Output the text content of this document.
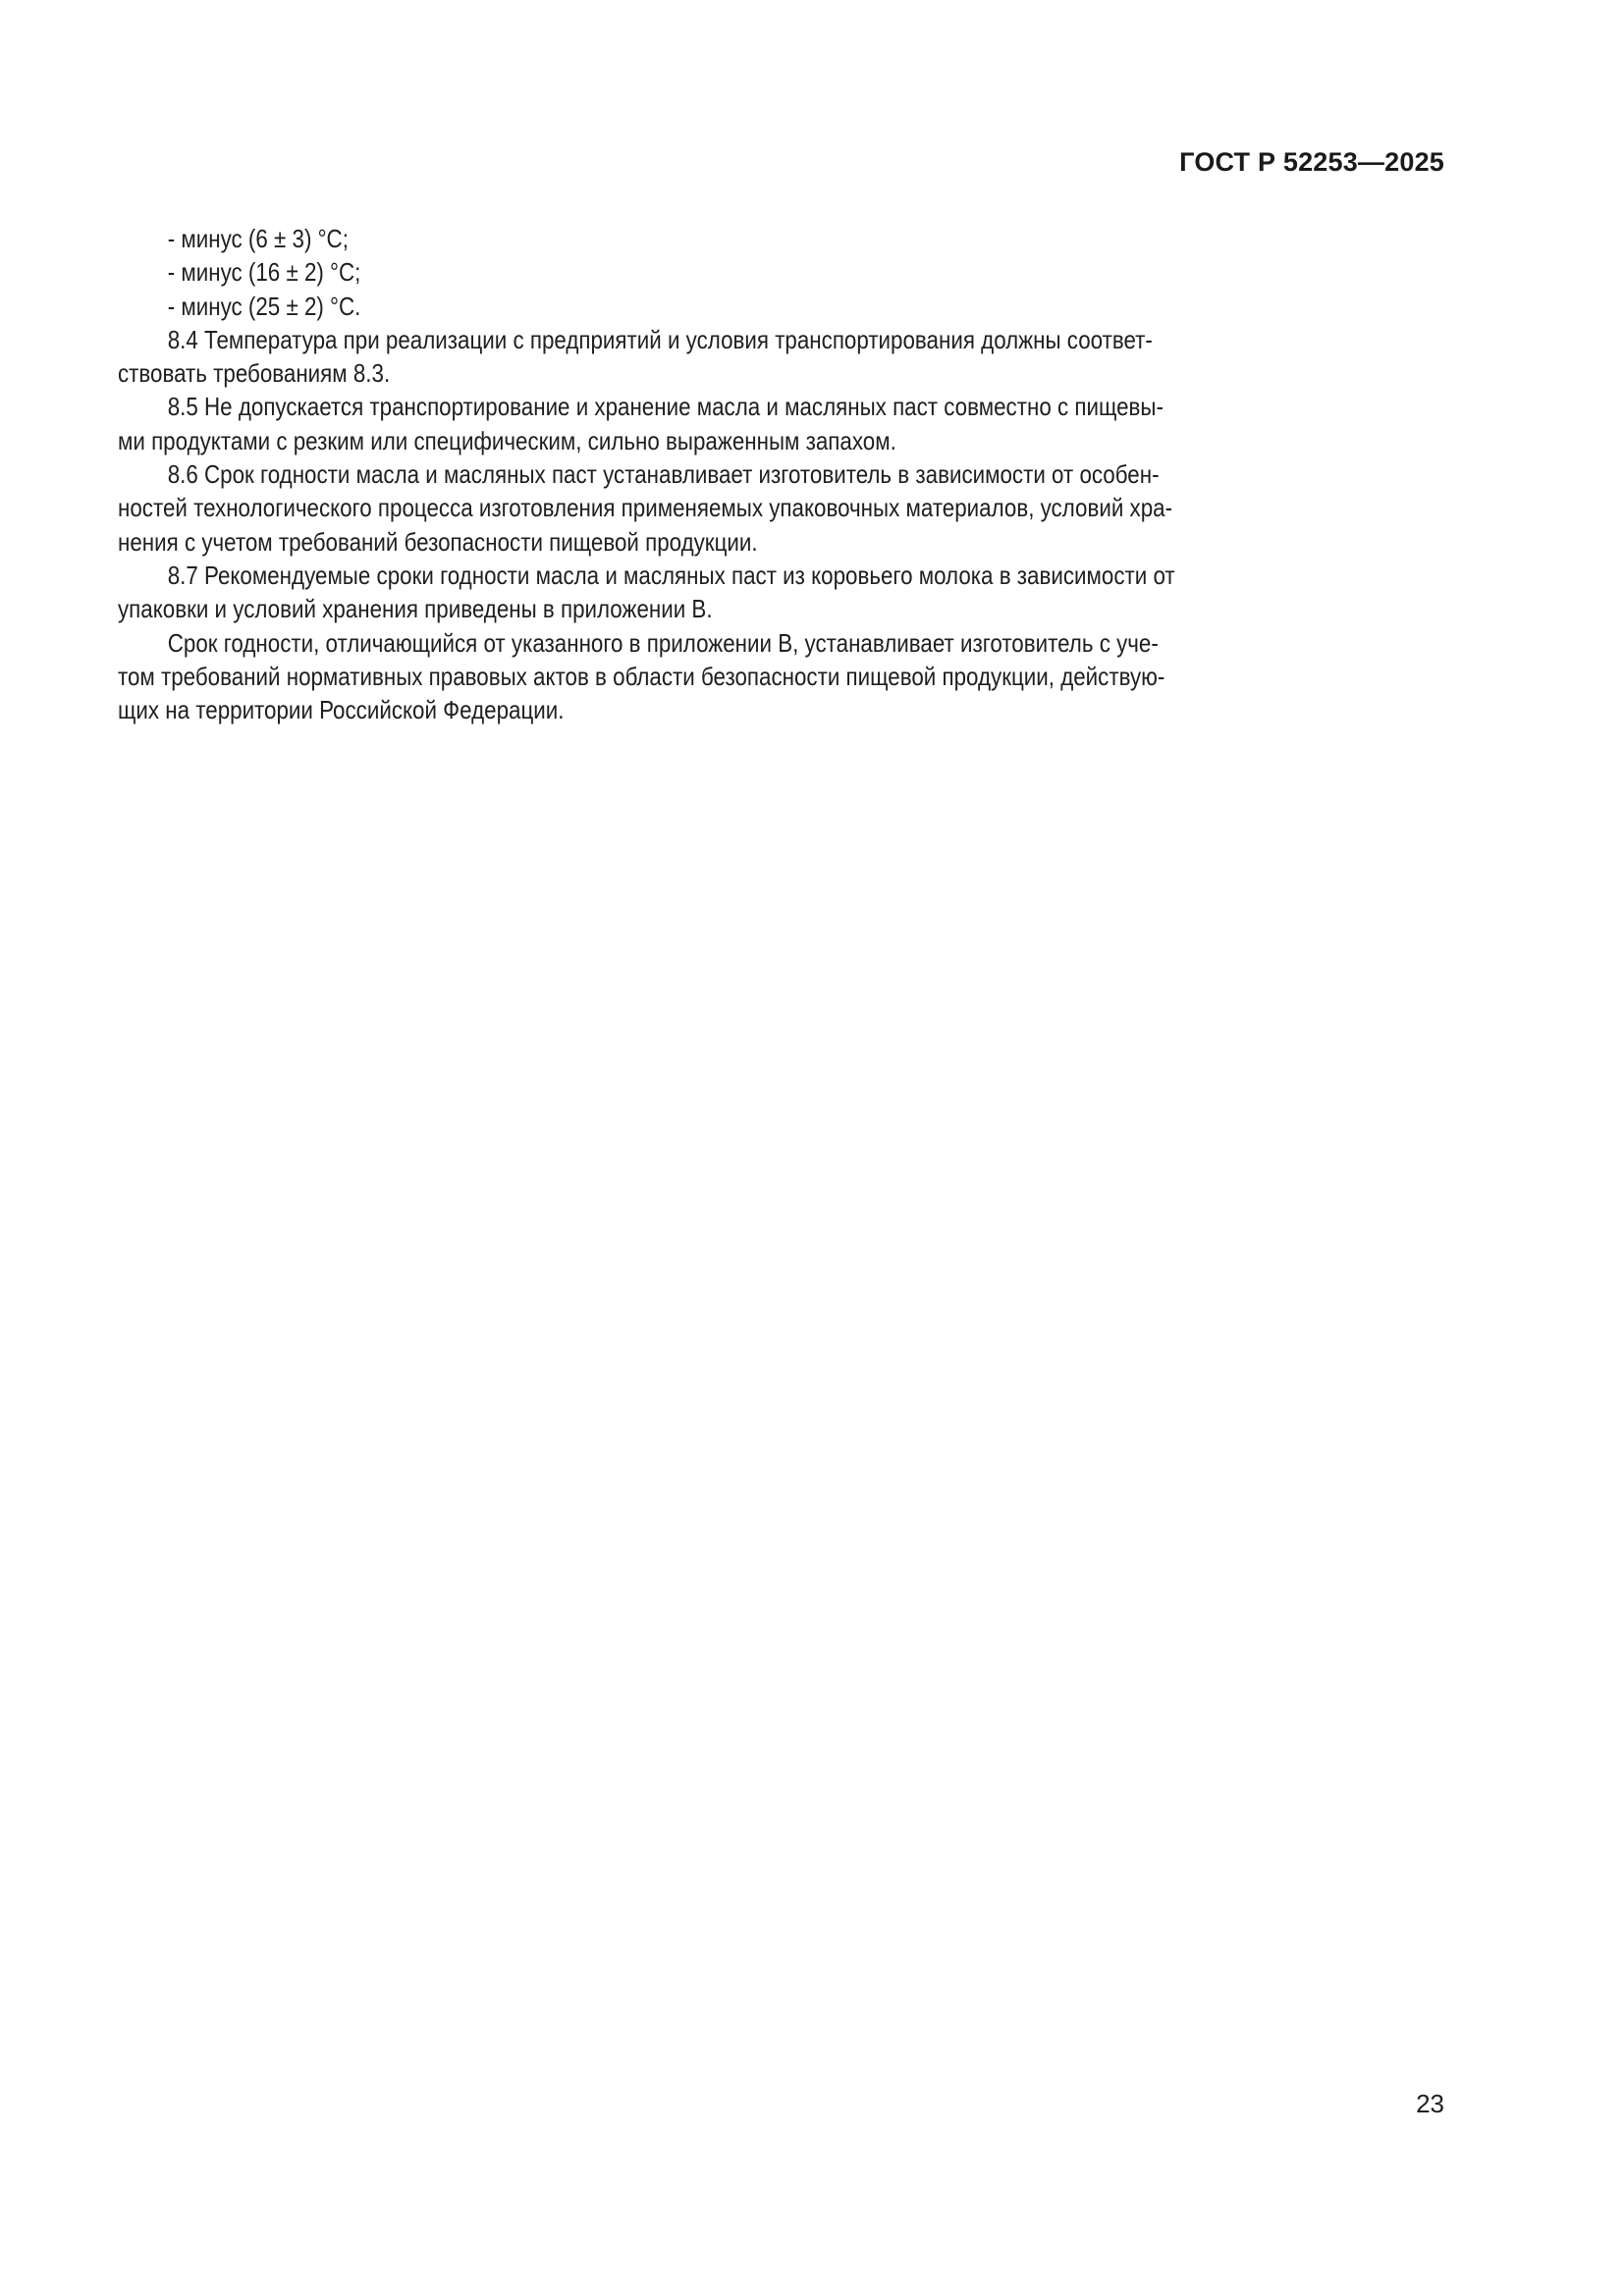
ГОСТ Р 52253—2025
- минус (6 ± 3) °С;
- минус (16 ± 2) °С;
- минус (25 ± 2) °С.
8.4 Температура при реализации с предприятий и условия транспортирования должны соответ-
ствовать требованиям 8.3.
8.5 Не допускается транспортирование и хранение масла и масляных паст совместно с пищевы-
ми продуктами с резким или специфическим, сильно выраженным запахом.
8.6 Срок годности масла и масляных паст устанавливает изготовитель в зависимости от особен-
ностей технологического процесса изготовления применяемых упаковочных материалов, условий хра-
нения с учетом требований безопасности пищевой продукции.
8.7 Рекомендуемые сроки годности масла и масляных паст из коровьего молока в зависимости от
упаковки и условий хранения приведены в приложении В.
Срок годности, отличающийся от указанного в приложении В, устанавливает изготовитель с уче-
том требований нормативных правовых актов в области безопасности пищевой продукции, действую-
щих на территории Российской Федерации.
23
